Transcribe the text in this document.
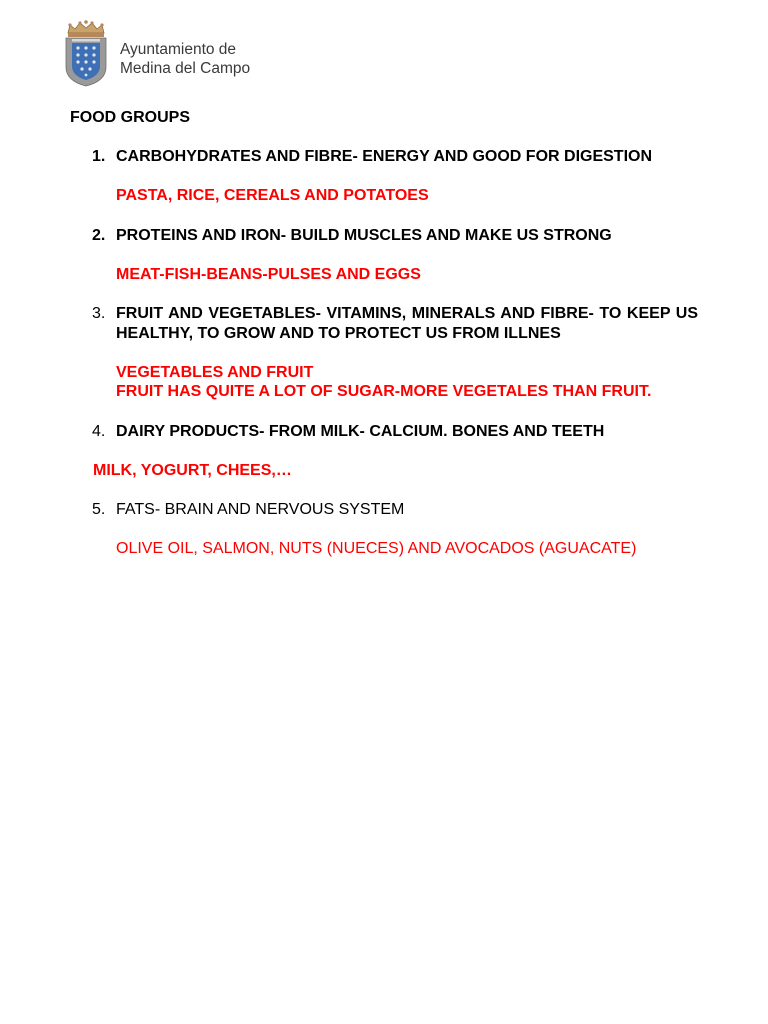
Ayuntamiento de
Medina del Campo

FOOD GROUPS

1. CARBOHYDRATES AND FIBRE- ENERGY AND GOOD FOR DIGESTION
PASTA, RICE, CEREALS AND POTATOES
2. PROTEINS AND IRON- BUILD MUSCLES AND MAKE US STRONG
MEAT-FISH-BEANS-PULSES AND EGGS
3. FRUIT AND VEGETABLES- VITAMINS, MINERALS AND FIBRE- TO KEEP US HEALTHY, TO GROW AND TO PROTECT US FROM ILLNES
VEGETABLES AND FRUIT
FRUIT HAS QUITE A LOT OF SUGAR-MORE VEGETALES THAN FRUIT.
4. DAIRY PRODUCTS- FROM MILK- CALCIUM. BONES AND TEETH
MILK, YOGURT, CHEES,…
5. FATS- BRAIN AND NERVOUS SYSTEM
OLIVE OIL, SALMON, NUTS (NUECES) AND AVOCADOS (AGUACATE)
